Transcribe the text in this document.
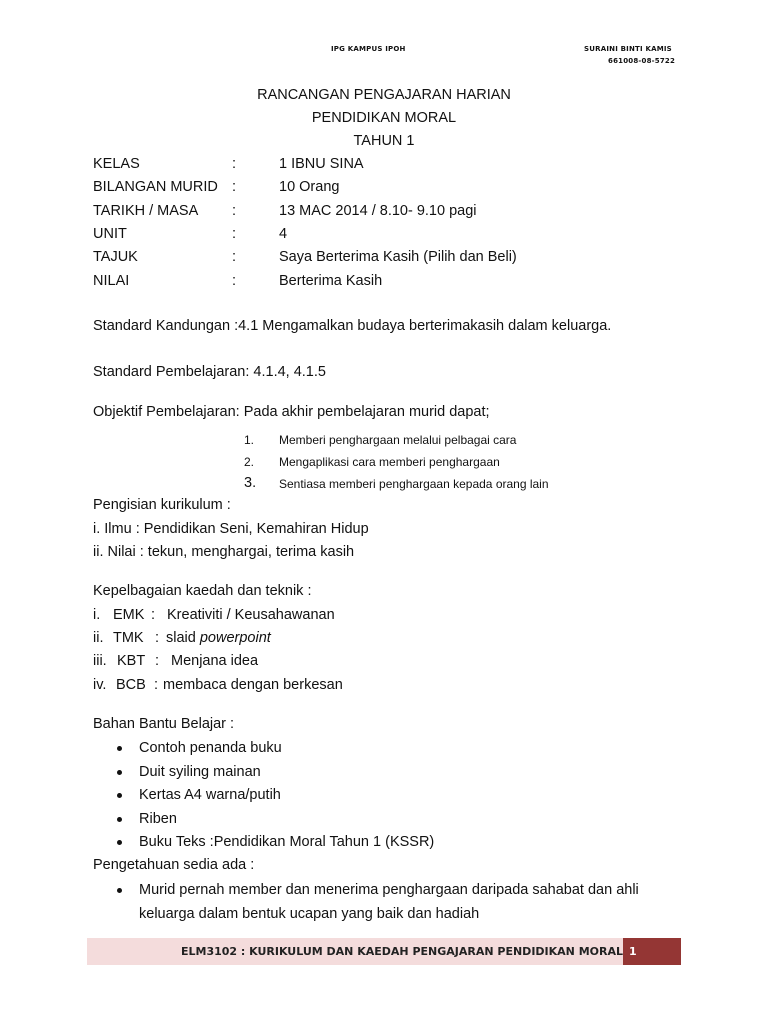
IPG KAMPUS IPOH	SURAINI BINTI KAMIS
661008-08-5722
RANCANGAN PENGAJARAN HARIAN
PENDIDIKAN MORAL
TAHUN 1
KELAS	:	1 IBNU SINA
BILANGAN MURID :	10 Orang
TARIKH / MASA :	13 MAC 2014 / 8.10- 9.10 pagi
UNIT	:	4
TAJUK	:	Saya Berterima Kasih (Pilih dan Beli)
NILAI	:	Berterima Kasih
Standard Kandungan :4.1 Mengamalkan budaya berterimakasih dalam keluarga.
Standard Pembelajaran: 4.1.4, 4.1.5
Objektif Pembelajaran: Pada akhir pembelajaran murid dapat;
1. Memberi penghargaan melalui pelbagai cara
2. Mengaplikasi cara memberi penghargaan
3. Sentiasa memberi penghargaan kepada orang lain
Pengisian kurikulum :
i. Ilmu : Pendidikan Seni, Kemahiran Hidup
ii. Nilai : tekun, menghargai, terima kasih
Kepelbagaian kaedah dan teknik :
i. EMK : Kreativiti / Keusahawanan
ii. TMK : slaid powerpoint
iii. KBT : Menjana idea
iv. BCB : membaca dengan berkesan
Bahan Bantu Belajar :
Contoh penanda buku
Duit syiling mainan
Kertas A4 warna/putih
Riben
Buku Teks :Pendidikan Moral Tahun 1 (KSSR)
Pengetahuan sedia ada :
Murid pernah member dan menerima penghargaan daripada sahabat dan ahli
keluarga dalam bentuk ucapan yang baik dan hadiah
ELM3102 : KURIKULUM DAN KAEDAH PENGAJARAN PENDIDIKAN MORAL 1
